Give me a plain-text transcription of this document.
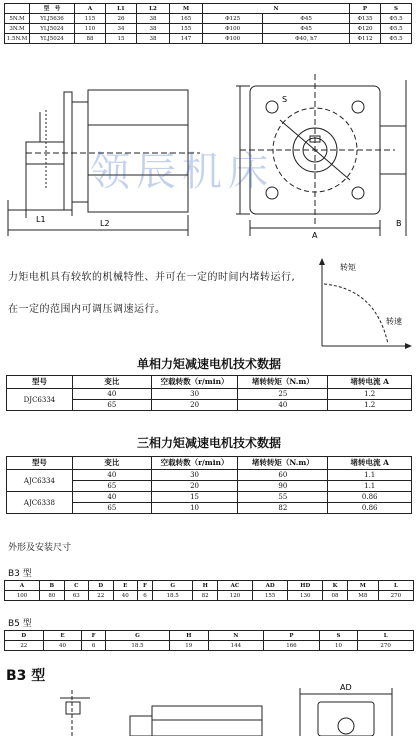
	型　号	A	L1	L2	M	N		P	S
5N.M	YLJ5636	115	26	38	165	Φ125	Φ45	Φ135	Φ5.5
3N.M	YLJ5024	110	34	38	155	Φ100	Φ45	Φ120	Φ5.5
1.5N.M	YLJ5024	88	15	38	147	Φ100	Φ40, h7	Φ112	Φ5.5
L1	L2
A
B
S
领辰机床
力矩电机具有较软的机械特性、并可在一定的时间内堵转运行,
在一定的范围内可调压调速运行。
转矩
转速
单相力矩减速电机技术数据
型号	变比	空载转数（r/min）	堵转转矩（N.m）	堵转电流 A
DJC6334	40	30	25	1.2
	65	20	40	1.2
三相力矩减速电机技术数据
型号	变比	空载转数（r/min）	堵转转矩（N.m）	堵转电流 A
AJC6334	40	30	60	1.1
	65	20	90	1.1
AJC6338	40	15	55	0.86
	65	10	82	0.86
外形及安装尺寸
B3 型
A	B	C	D	E	F	G	H	AC	AD	HD	K	M	L
100	80	63	22	40	6	18.5	82	120	155	130	08	M8	270
B5 型
D	E	F	G	H	N	P	S	L
22	40	6	18.5	19	144	166	10	270
B3 型
AD
